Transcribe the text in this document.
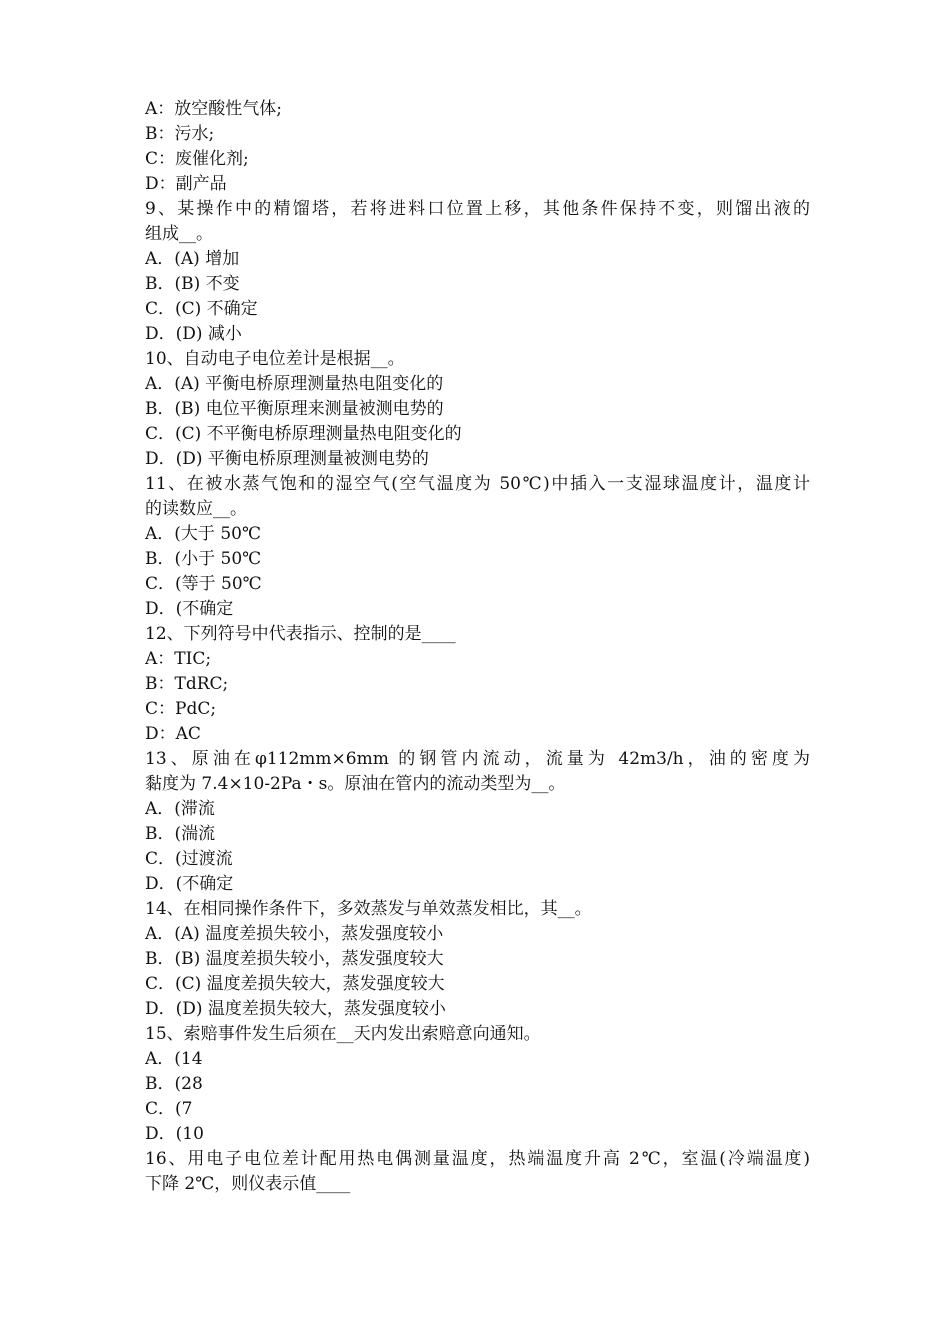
A：放空酸性气体;
B：污水;
C：废催化剂;
D：副产品
9、某操作中的精馏塔，若将进料口位置上移，其他条件保持不变，则馏出液的
组成__。
A．(A) 增加
B．(B) 不变
C．(C) 不确定
D．(D) 减小
10、自动电子电位差计是根据__。
A．(A) 平衡电桥原理测量热电阻变化的
B．(B) 电位平衡原理来测量被测电势的
C．(C) 不平衡电桥原理测量热电阻变化的
D．(D) 平衡电桥原理测量被测电势的
11、在被水蒸气饱和的湿空气(空气温度为 50℃)中插入一支湿球温度计，温度计
的读数应__。
A．(大于 50℃
B．(小于 50℃
C．(等于 50℃
D．(不确定
12、下列符号中代表指示、控制的是____
A：TIC;
B：TdRC;
C：PdC;
D：AC
13、原油在φ112mm×6mm 的钢管内流动，流量为 42m3/h，油的密度为
黏度为 7.4×10-2Pa・s。原油在管内的流动类型为__。
A．(滞流
B．(湍流
C．(过渡流
D．(不确定
14、在相同操作条件下，多效蒸发与单效蒸发相比，其__。
A．(A) 温度差损失较小，蒸发强度较小
B．(B) 温度差损失较小，蒸发强度较大
C．(C) 温度差损失较大，蒸发强度较大
D．(D) 温度差损失较大，蒸发强度较小
15、索赔事件发生后须在__天内发出索赔意向通知。
A．(14
B．(28
C．(7
D．(10
16、用电子电位差计配用热电偶测量温度，热端温度升高 2℃，室温(冷端温度)
下降 2℃，则仪表示值____
